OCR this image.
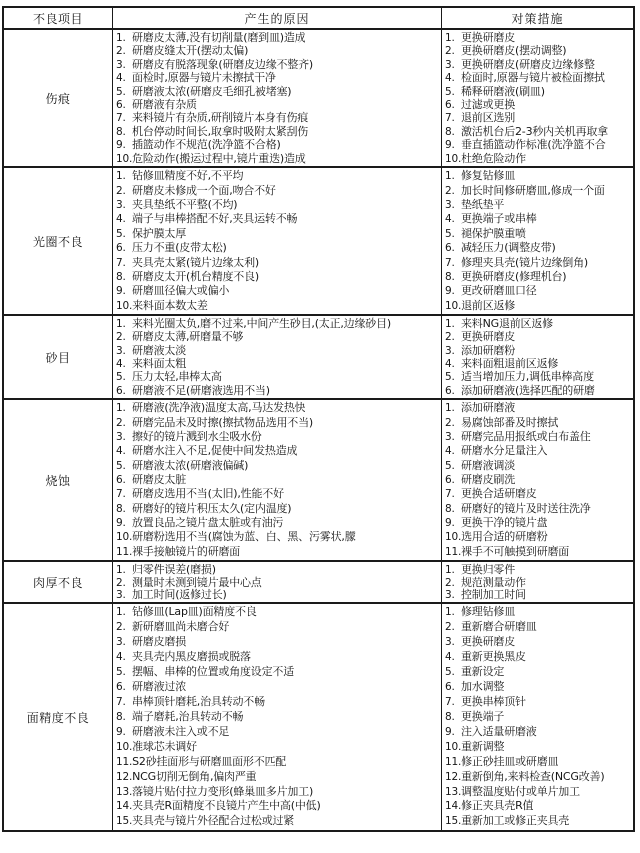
不良项目	产生的原因	对策措施
伤痕
1. 研磨皮太薄,没有切削量(磨到皿)造成
2. 研磨皮缝太开(摆动太偏)
3. 研磨皮有脱落现象(研磨皮边缘不整齐)
4. 面检时,原器与镜片未擦拭干净
5. 研磨液太浓(研磨皮毛细孔被堵塞)
6. 研磨液有杂质
7. 来料镜片有杂质,研削镜片本身有伤痕
8. 机台停动时间长,取拿时吸附太紧刮伤
9. 插篮动作不规范(洗净篮不合格)
10. 危险动作(搬运过程中,镜片重迭)造成
1. 更换研磨皮
2. 更换研磨皮(摆动调整)
3. 更换研磨皮(研磨皮边缘修整
4. 检面时,原器与镜片被检面擦拭
5. 稀释研磨液(刷皿)
6. 过滤或更换
7. 退前区选别
8. 激活机台后2-3秒内关机再取拿
9. 垂直插篮动作标准(洗净篮不合
10. 杜绝危险动作
光圈不良
1. 钻修皿精度不好,不平均
2. 研磨皮未修成一个面,吻合不好
3. 夹具垫纸不平整(不均)
4. 端子与串棒搭配不好,夹具运转不畅
5. 保护膜太厚
6. 压力不重(皮带太松)
7. 夹具壳太紧(镜片边缘太利)
8. 研磨皮太开(机台精度不良)
9. 研磨皿径偏大或偏小
10. 来料面本数太差
1. 修复钻修皿
2. 加长时间修研磨皿,修成一个面
3. 垫纸垫平
4. 更换端子或串棒
5. 褪保护膜重喷
6. 减轻压力(调整皮带)
7. 修理夹具壳(镜片边缘倒角)
8. 更换研磨皮(修理机台)
9. 更改研磨皿口径
10. 退前区返修
砂目
1. 来料光圈太负,磨不过来,中间产生砂目,(太正,边缘砂目)
2. 研磨皮太薄,研磨量不够
3. 研磨液太淡
4. 来料面太粗
5. 压力太轻,串棒太高
6. 研磨液不足(研磨液选用不当)
1. 来料NG退前区返修
2. 更换研磨皮
3. 添加研磨粉
4. 来料面粗退前区返修
5. 适当增加压力,调低串棒高度
6. 添加研磨液(选择匹配的研磨
烧蚀
1. 研磨液(洗净液)温度太高,马达发热快
2. 研磨完品未及时擦(擦拭物品选用不当)
3. 擦好的镜片溅到水尘吸水份
4. 研磨水注入不足,促使中间发热造成
5. 研磨液太浓(研磨液偏碱)
6. 研磨皮太脏
7. 研磨皮选用不当(太旧),性能不好
8. 研磨好的镜片积压太久(定内温度)
9. 放置良品之镜片盘太脏或有油污
10. 研磨粉选用不当(腐蚀为蓝、白、黑、污雾状,朦
11. 裸手接触镜片的研磨面
1. 添加研磨液
2. 易腐蚀部番及时擦拭
3. 研磨完品用报纸或白布盖住
4. 研磨水分足量注入
5. 研磨液调淡
6. 研磨皮刷洗
7. 更换合适研磨皮
8. 研磨好的镜片及时送往洗净
9. 更换干净的镜片盘
10. 选用合适的研磨粉
11. 裸手不可触摸到研磨面
肉厚不良
1. 归零件误差(磨损)
2. 测量时未测到镜片最中心点
3. 加工时间(返修过长)
1. 更换归零件
2. 规范测量动作
3. 控制加工时间
面精度不良
1. 钻修皿(Lap皿)面精度不良
2. 新研磨皿尚未磨合好
3. 研磨皮磨损
4. 夹具壳内黑皮磨损或脱落
5. 摆幅、串棒的位置或角度设定不适
6. 研磨液过浓
7. 串棒顶针磨耗,治具转动不畅
8. 端子磨耗,治具转动不畅
9. 研磨液未注入或不足
10. 准球芯未调好
11. S2砂挂面形与研磨皿面形不匹配
12. NCG切削无倒角,偏肉严重
13. 落镜片贴付拉力变形(蜂巢皿多片加工)
14. 夹具壳R面精度不良镜片产生中高(中低)
15. 夹具壳与镜片外径配合过松或过紧
1. 修理钻修皿
2. 重新磨合研磨皿
3. 更换研磨皮
4. 重新更换黑皮
5. 重新设定
6. 加水调整
7. 更换串棒顶针
8. 更换端子
9. 注入适量研磨液
10. 重新调整
11. 修正砂挂皿或研磨皿
12. 重新倒角,来料检查(NCG改善)
13. 调整温度贴付或单片加工
14. 修正夹具壳R值
15. 重新加工或修正夹具壳
